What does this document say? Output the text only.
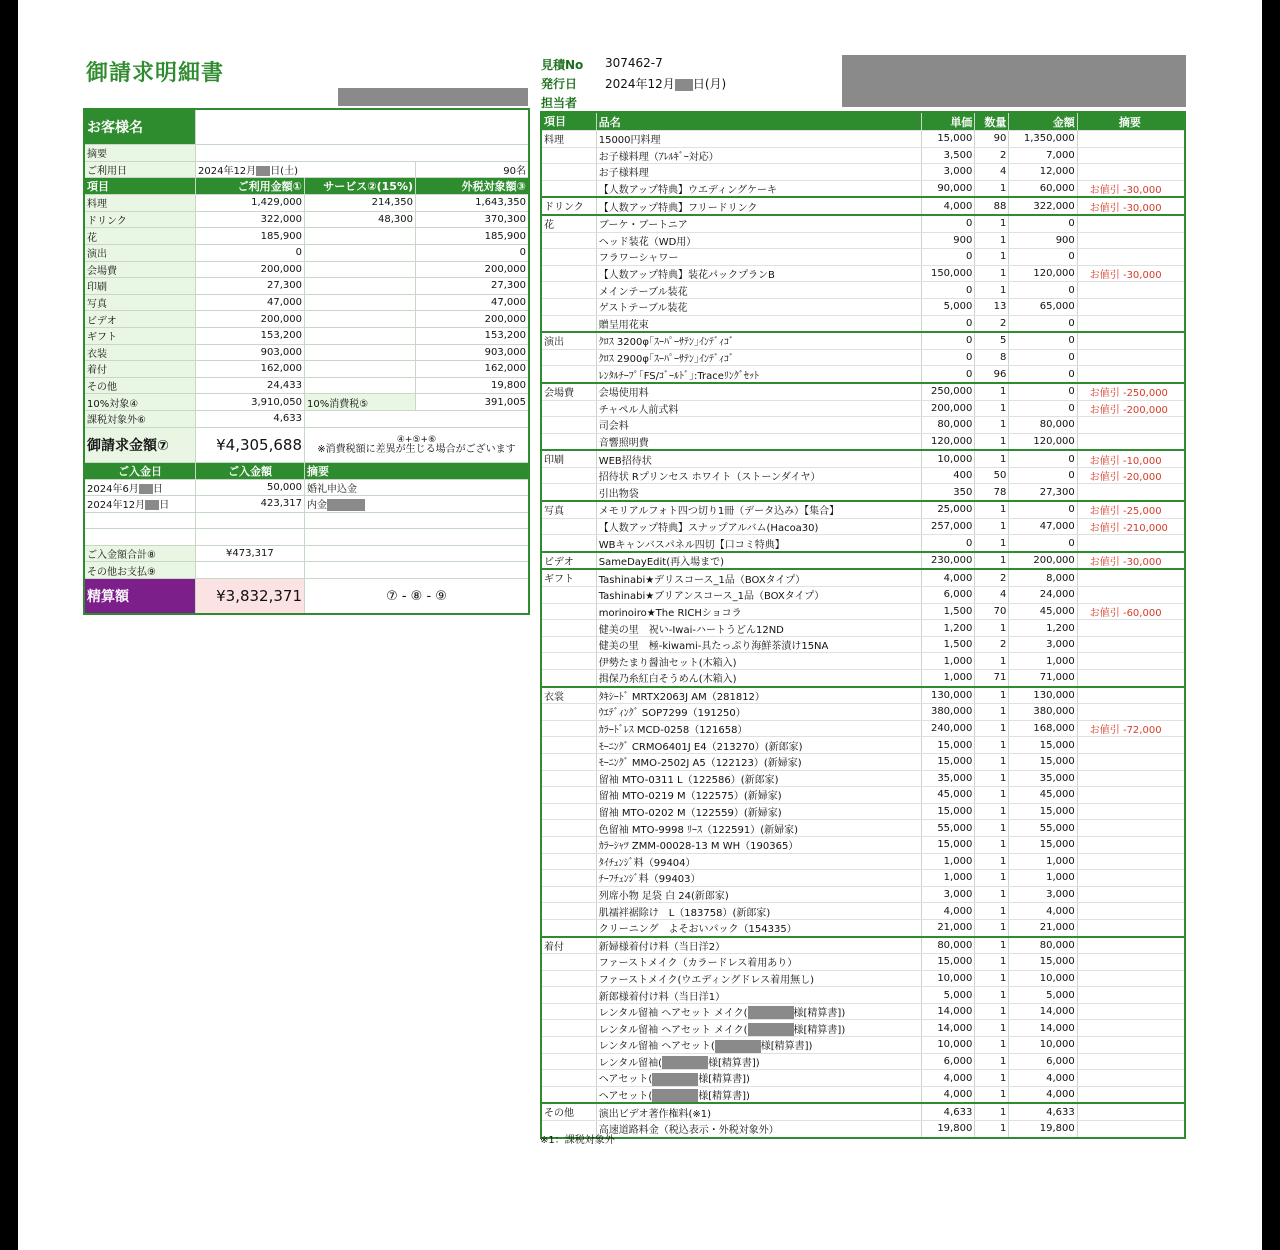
御請求明細書	見積No 307462-7
発行日 2024年12月 日(月)
担当者
お客様名			
摘要			
ご利用日	2024年12月 日(土)		90名
項目	ご利用金額①	サービス②(15%)	外税対象額③
料理	1,429,000	214,350	1,643,350
ドリンク	322,000	48,300	370,300
花	185,900		185,900
演出	0		0
会場費	200,000		200,000
印刷	27,300		27,300
写真	47,000		47,000
ビデオ	200,000		200,000
ギフト	153,200		153,200
衣装	903,000		903,000
着付	162,000		162,000
その他	24,433		19,800
10%対象④	3,910,050	10%消費税⑤	391,005
課税対象外⑥	4,633		
御請求金額⑦	¥4,305,688	④+⑤+⑥
※消費税額に差異が生じる場合がございます	

ご入金日	ご入金額	摘要	
2024年6月 日	50,000	婚礼申込金	
2024年12月 日	423,317	内金	

ご入金額合計⑧	¥473,317		
その他お支払⑨			
精算額	¥3,832,371	⑦ - ⑧ - ⑨	
項目	品名	単価	数量	金額	摘要
料理	15000円料理	15,000	90	1,350,000	
	お子様料理（ｱﾚﾙｷﾞｰ対応）	3,500	2	7,000	
	お子様料理	3,000	4	12,000	
	【人数アップ特典】ウエディングケーキ	90,000	1	60,000	お値引 -30,000
ドリンク	【人数アップ特典】フリードリンク	4,000	88	322,000	お値引 -30,000
花	ブーケ・ブートニア	0	1	0	
	ヘッド装花（WD用）	900	1	900	
	フラワーシャワー	0	1	0	
	【人数アップ特典】装花パックプランB	150,000	1	120,000	お値引 -30,000
	メインテーブル装花	0	1	0	
	ゲストテーブル装花	5,000	13	65,000	
	贈呈用花束	0	2	0	
演出	ｸﾛｽ 3200φ｢ｽｰﾊﾟｰｻﾃﾝ｣ｲﾝﾃﾞｨｺﾞ	0	5	0	
	ｸﾛｽ 2900φ｢ｽｰﾊﾟｰｻﾃﾝ｣ｲﾝﾃﾞｨｺﾞ	0	8	0	
	ﾚﾝﾀﾙﾁｰﾌﾟ｢FS/ｺﾞｰﾙﾄﾞ｣:Traceﾘﾝｸﾞｾｯﾄ	0	96	0	
会場費	会場使用料	250,000	1	0	お値引 -250,000
	チャペル人前式料	200,000	1	0	お値引 -200,000
	司会料	80,000	1	80,000	
	音響照明費	120,000	1	120,000	
印刷	WEB招待状	10,000	1	0	お値引 -10,000
	招待状 Rプリンセス ホワイト（ストーンダイヤ）	400	50	0	お値引 -20,000
	引出物袋	350	78	27,300	
写真	メモリアルフォト四つ切り1冊（データ込み）【集合】	25,000	1	0	お値引 -25,000
	【人数アップ特典】スナップアルバム(Hacoa30)	257,000	1	47,000	お値引 -210,000
	WBキャンバスパネル四切【口コミ特典】	0	1	0	
ビデオ	SameDayEdit(再入場まで)	230,000	1	200,000	お値引 -30,000
ギフト	Tashinabi★デリスコース_1品（BOXタイプ）	4,000	2	8,000	
	Tashinabi★ブリアンスコース_1品（BOXタイプ）	6,000	4	24,000	
	morinoiro★The RICHショコラ	1,500	70	45,000	お値引 -60,000
	健美の里　祝い-Iwai-ハートうどん12ND	1,200	1	1,200	
	健美の里　極-kiwami-具たっぷり海鮮茶漬け15NA	1,500	2	3,000	
	伊勢たまり醤油セット(木箱入)	1,000	1	1,000	
	揖保乃糸紅白そうめん(木箱入)	1,000	71	71,000	
衣裳	ﾀｷｼｰﾄﾞ MRTX2063J AM（281812）	130,000	1	130,000	
	ｳｴﾃﾞｨﾝｸﾞ SOP7299（191250）	380,000	1	380,000	
	ｶﾗｰﾄﾞﾚｽ MCD-0258（121658）	240,000	1	168,000	お値引 -72,000
	ﾓｰﾆﾝｸﾞ CRMO6401J E4（213270）(新郎家)	15,000	1	15,000	
	ﾓｰﾆﾝｸﾞ MMO-2502J A5（122123）(新婦家)	15,000	1	15,000	
	留袖 MTO-0311 L（122586）(新郎家)	35,000	1	35,000	
	留袖 MTO-0219 M（122575）(新婦家)	45,000	1	45,000	
	留袖 MTO-0202 M（122559）(新婦家)	15,000	1	15,000	
	色留袖 MTO-9998 ﾘｰｽ（122591）(新婦家)	55,000	1	55,000	
	ｶﾗｰｼｬﾂ ZMM-00028-13 M WH（190365）	15,000	1	15,000	
	ﾀｲﾁｪﾝｼﾞ料（99404）	1,000	1	1,000	
	ﾁｰﾌﾁｪﾝｼﾞ料（99403）	1,000	1	1,000	
	列席小物 足袋 白 24(新郎家)	3,000	1	3,000	
	肌襦袢裾除け　L（183758）(新郎家)	4,000	1	4,000	
	クリーニング　よそおいパック（154335）	21,000	1	21,000	
着付	新婦様着付け料（当日洋2）	80,000	1	80,000	
	ファーストメイク（カラードレス着用あり）	15,000	1	15,000	
	ファーストメイク(ウエディングドレス着用無し)	10,000	1	10,000	
	新郎様着付け料（当日洋1）	5,000	1	5,000	
	レンタル留袖 ヘアセット メイク( 様[精算書])	14,000	1	14,000	
	レンタル留袖 ヘアセット メイク( 様[精算書])	14,000	1	14,000	
	レンタル留袖 ヘアセット( 様[精算書])	10,000	1	10,000	
	レンタル留袖( 様[精算書])	6,000	1	6,000	
	ヘアセット( 様[精算書])	4,000	1	4,000	
	ヘアセット( 様[精算書])	4,000	1	4,000	
その他	演出ビデオ著作権料(※1)	4,633	1	4,633	
	高速道路料金（税込表示・外税対象外）	19,800	1	19,800	
※1：課税対象外
